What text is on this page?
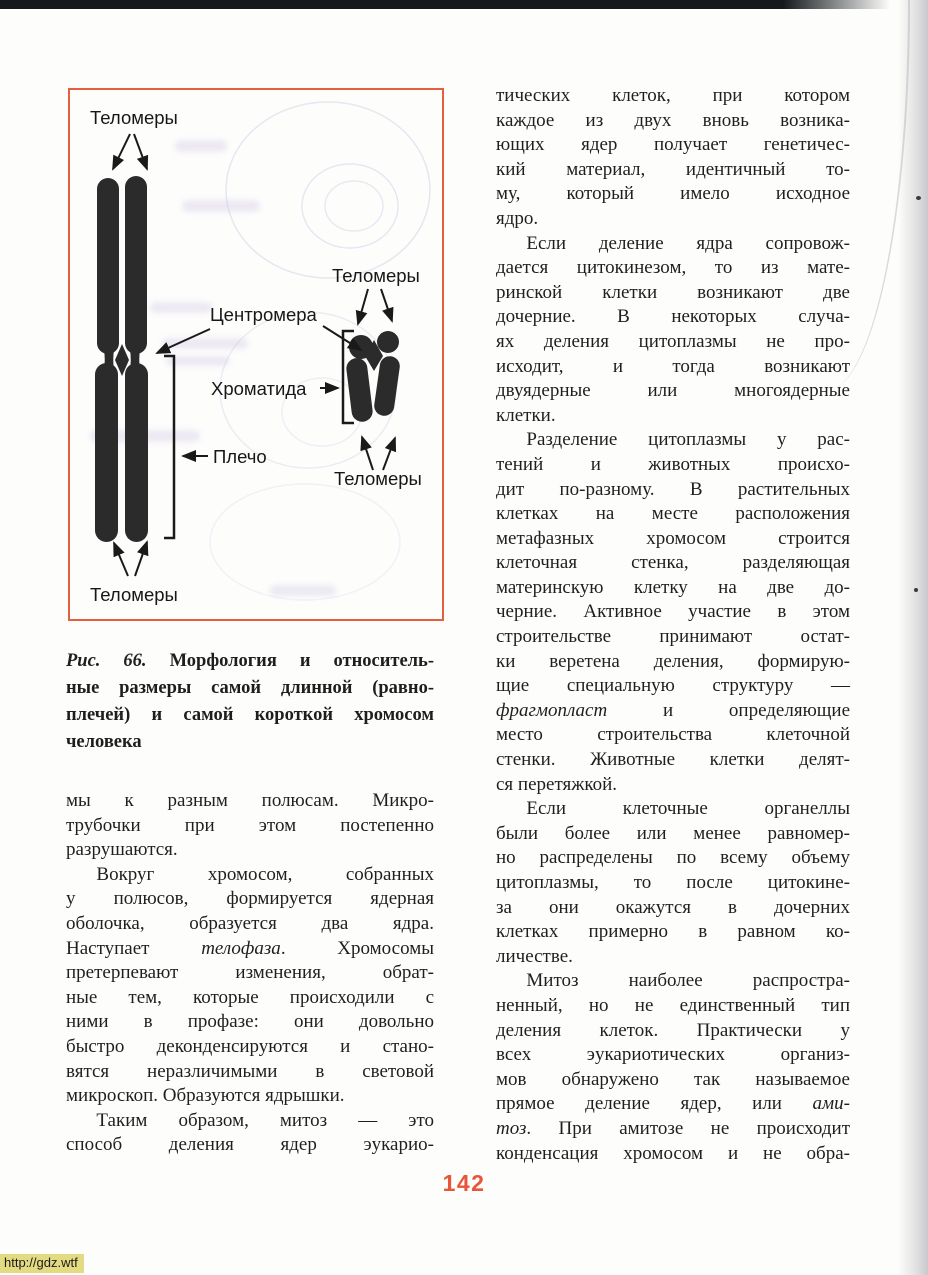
Теломеры
Теломеры
Центромера
Хроматида
Плечо
Теломеры
Теломеры
Рис. 66. Морфология и относитель-
ные размеры самой длинной (равно-
плечей) и самой короткой хромосом
человека
мы к разным полюсам. Микро-
трубочки при этом постепенно
разрушаются.
Вокруг хромосом, собранных
у полюсов, формируется ядерная
оболочка, образуется два ядра.
Наступает телофаза. Хромосомы
претерпевают изменения, обрат-
ные тем, которые происходили с
ними в профазе: они довольно
быстро деконденсируются и стано-
вятся неразличимыми в световой
микроскоп. Образуются ядрышки.
Таким образом, митоз — это
способ деления ядер эукарио-
тических клеток, при котором
каждое из двух вновь возника-
ющих ядер получает генетичес-
кий материал, идентичный то-
му, который имело исходное
ядро.
Если деление ядра сопровож-
дается цитокинезом, то из мате-
ринской клетки возникают две
дочерние. В некоторых случа-
ях деления цитоплазмы не про-
исходит, и тогда возникают
двуядерные или многоядерные
клетки.
Разделение цитоплазмы у рас-
тений и животных происхо-
дит по-разному. В растительных
клетках на месте расположения
метафазных хромосом строится
клеточная стенка, разделяющая
материнскую клетку на две до-
черние. Активное участие в этом
строительстве принимают остат-
ки веретена деления, формирую-
щие специальную структуру —
фрагмопласт и определяющие
место строительства клеточной
стенки. Животные клетки делят-
ся перетяжкой.
Если клеточные органеллы
были более или менее равномер-
но распределены по всему объему
цитоплазмы, то после цитокине-
за они окажутся в дочерних
клетках примерно в равном ко-
личестве.
Митоз наиболее распростра-
ненный, но не единственный тип
деления клеток. Практически у
всех эукариотических организ-
мов обнаружено так называемое
прямое деление ядер, или ами-
тоз. При амитозе не происходит
конденсация хромосом и не обра-
142
http://gdz.wtf
